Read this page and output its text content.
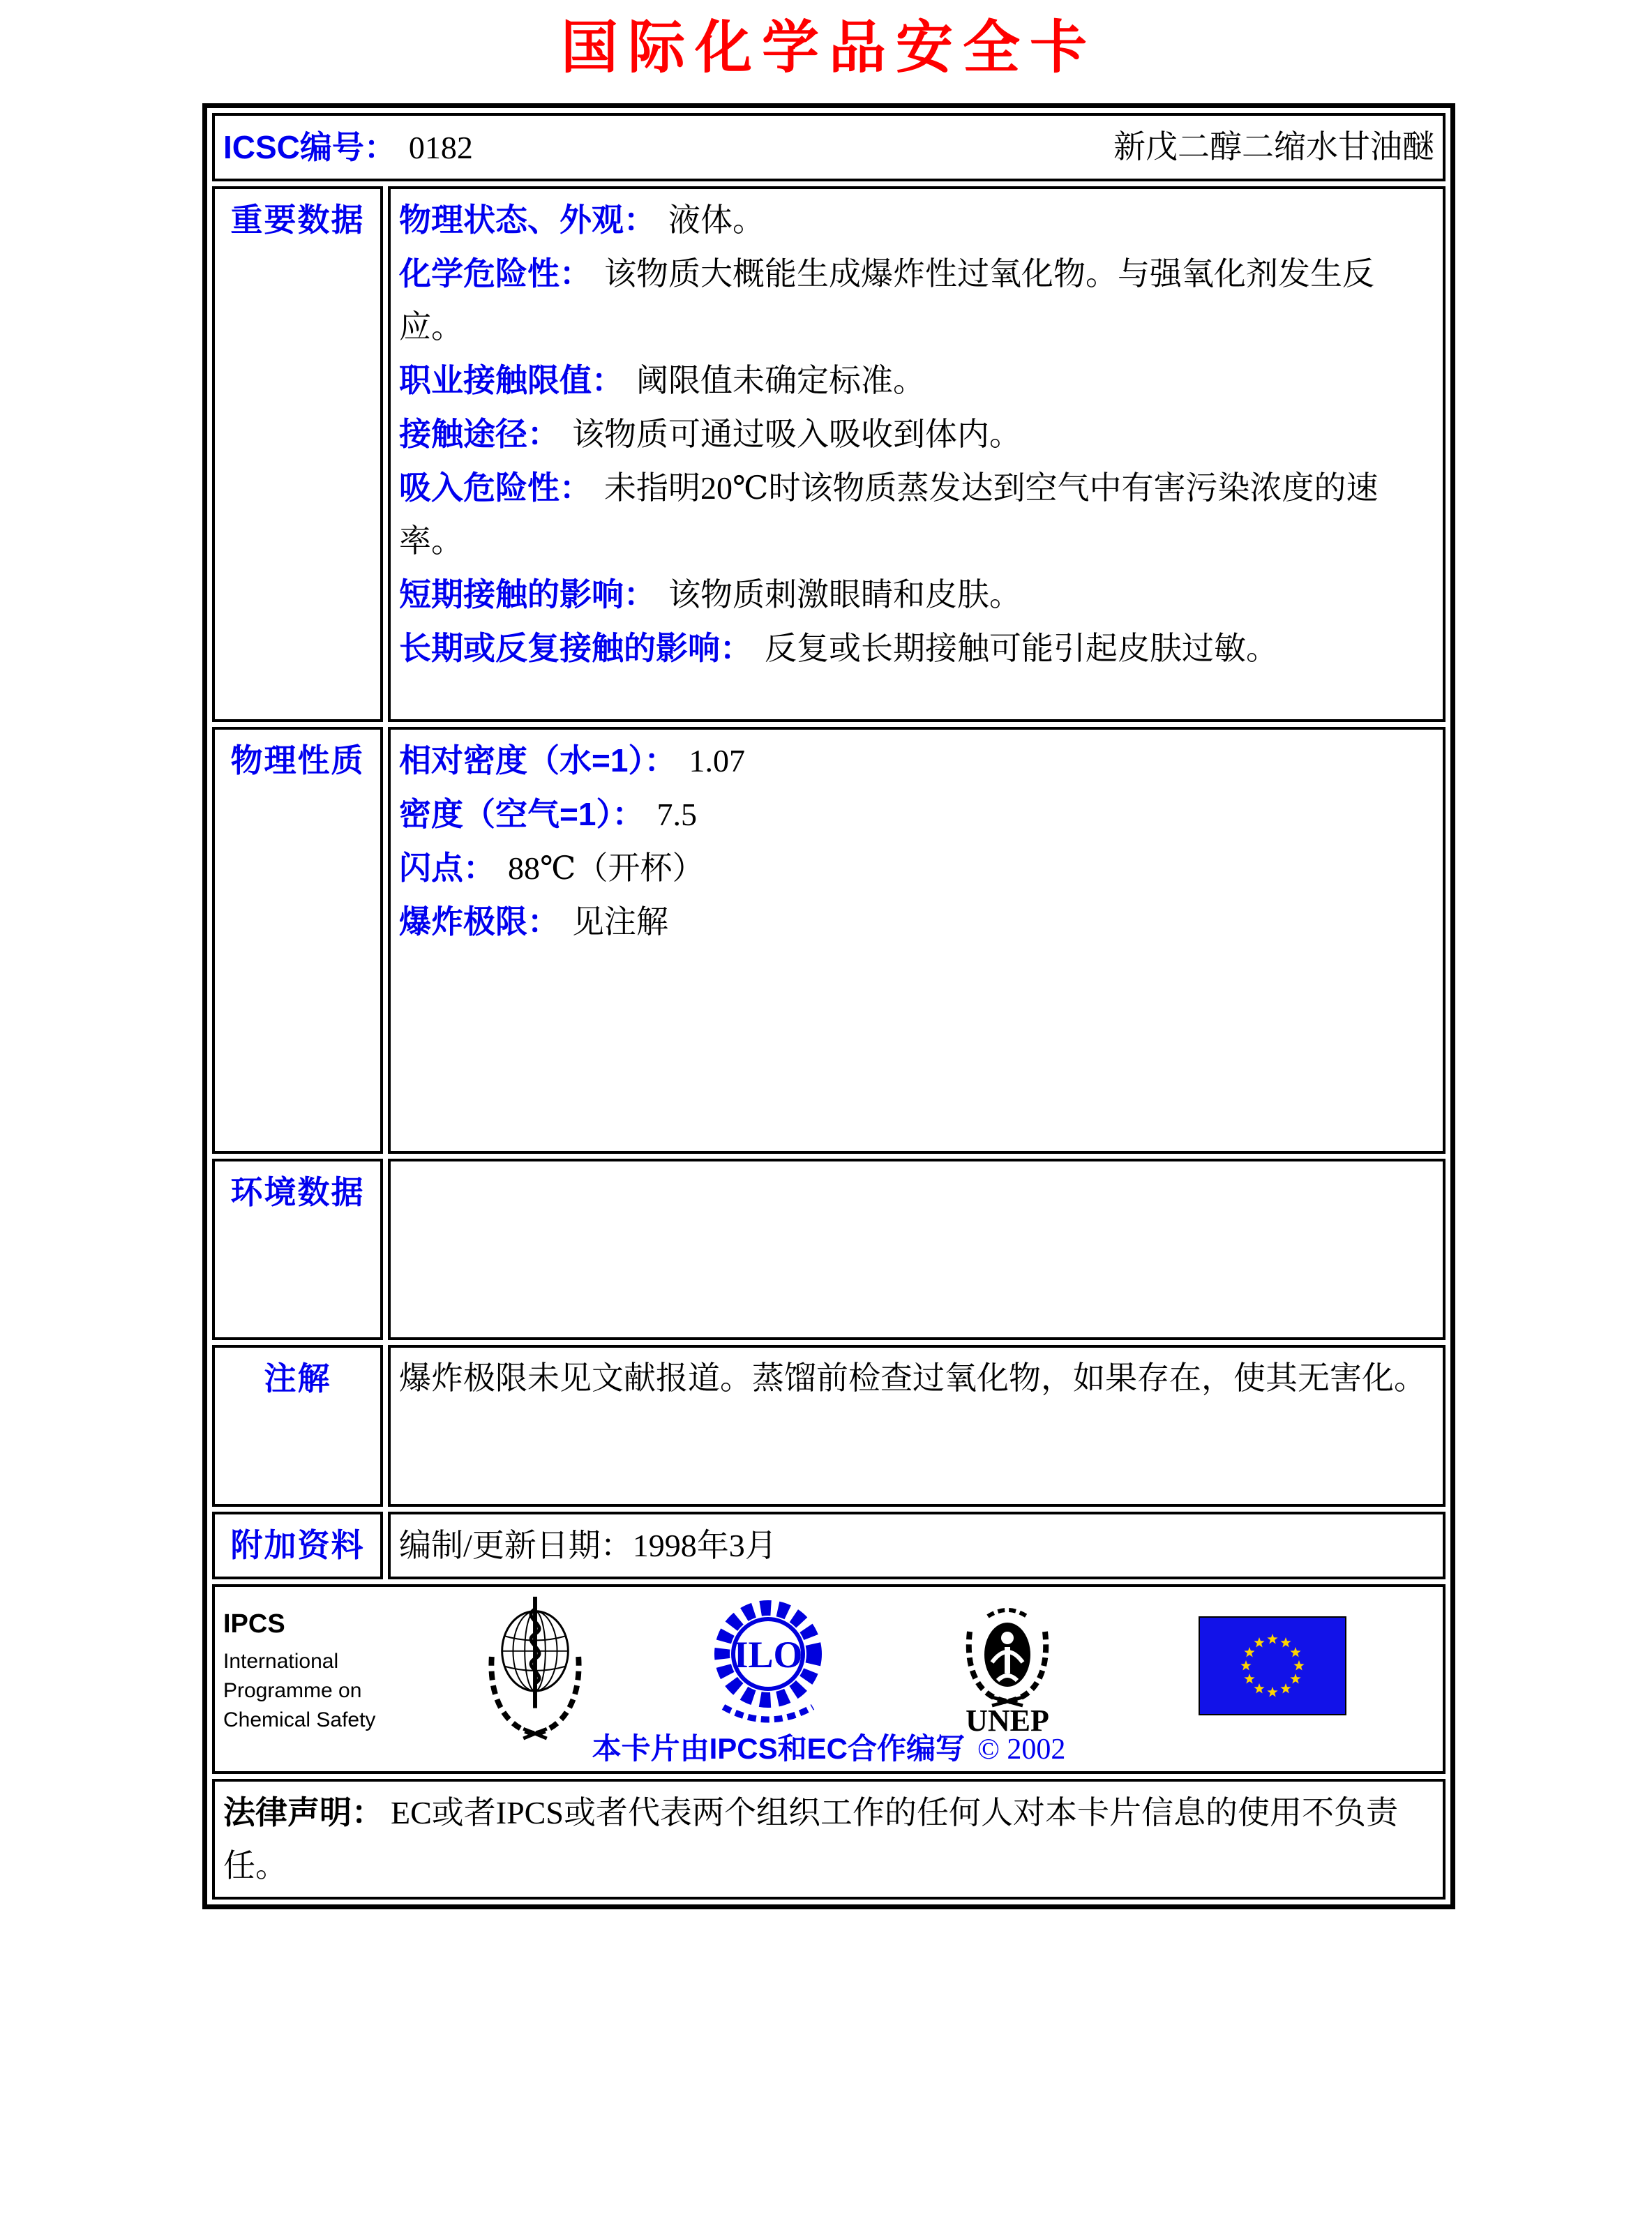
国际化学品安全卡
ICSC编号： 0182 新戊二醇二缩水甘油醚	

重要数据	物理状态、外观： 液体。
化学危险性： 该物质大概能生成爆炸性过氧化物。与强氧化剂发生反应。
职业接触限值： 阈限值未确定标准。
接触途径： 该物质可通过吸入吸收到体内。
吸入危险性： 未指明20℃时该物质蒸发达到空气中有害污染浓度的速率。
短期接触的影响： 该物质刺激眼睛和皮肤。
长期或反复接触的影响： 反复或长期接触可能引起皮肤过敏。

物理性质	相对密度（水=1）： 1.07
密度（空气=1）： 7.5
闪点： 88℃（开杯）
爆炸极限： 见注解

环境数据	
注解	爆炸极限未见文献报道。蒸馏前检查过氧化物，如果存在，使其无害化。

附加资料	编制/更新日期：1998年3月

IPCS
International
Programme on
Chemical Safety
ILO
UNEP
本卡片由IPCS和EC合作编写 © 2002

法律声明： EC或者IPCS或者代表两个组织工作的任何人对本卡片信息的使用不负责任。	
